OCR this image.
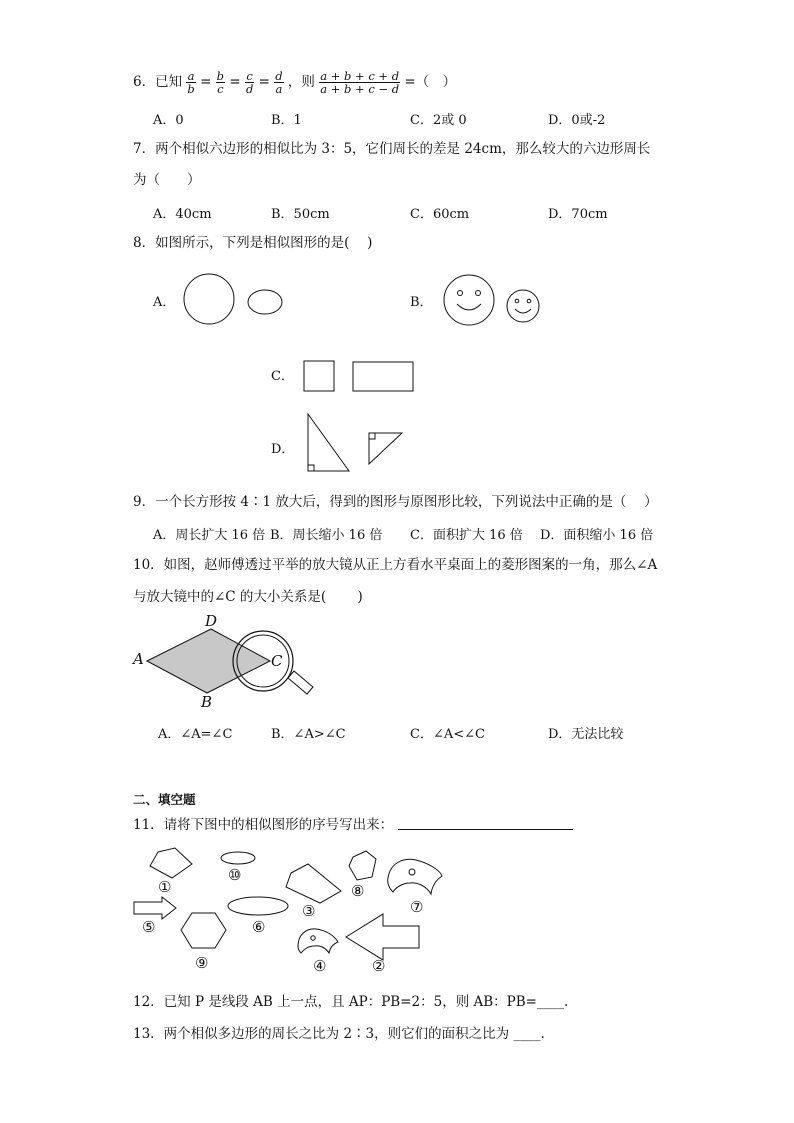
6．已知 $\frac{a}{b} = \frac{b}{c} = \frac{c}{d} = \frac{d}{a}$ ，则 $\frac{a + b + c + d}{a + b + c - d}$ =（　）
A．0	B．1	C．2或 0	D．0或-2
7．两个相似六边形的相似比为 3：5，它们周长的差是 24cm，那么较大的六边形周长
为（　　）
A．40cm	B．50cm	C．60cm	D．70cm
8．如图所示，下列是相似图形的是(　 )
A．	B．
C．
D．
9．一个长方形按 4∶1 放大后，得到的图形与原图形比较，下列说法中正确的是（　 ）
A．周长扩大 16 倍 B．周长缩小 16 倍 C．面积扩大 16 倍 D．面积缩小 16 倍
10．如图，赵师傅透过平举的放大镜从正上方看水平桌面上的菱形图案的一角，那么∠A
与放大镜中的∠C 的大小关系是(　　 )
A
B
C
D
A．∠A=∠C	B．∠A>∠C	C．∠A<∠C	D．无法比较
二、填空题
11．请将下图中的相似图形的序号写出来：
①
⑩
⑧
③	⑦
⑤	⑥
⑨	④	②
12．已知 P 是线段 AB 上一点，且 AP：PB=2：5，则 AB：PB=____.
13．两个相似多边形的周长之比为 2∶3，则它们的面积之比为 ____.
